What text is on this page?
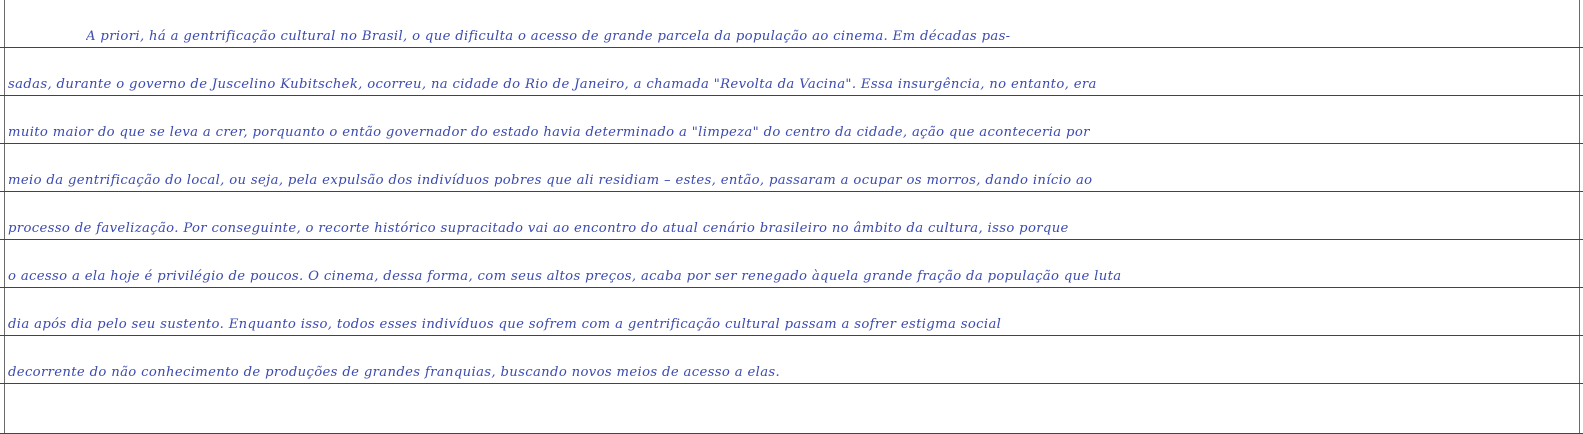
A priori, há a gentrificação cultural no Brasil, o que dificulta o acesso de grande parcela da população ao cinema. Em décadas pas-
sadas, durante o governo de Juscelino Kubitschek, ocorreu, na cidade do Rio de Janeiro, a chamada "Revolta da Vacina". Essa insurgência, no entanto, era
muito maior do que se leva a crer, porquanto o então governador do estado havia determinado a "limpeza" do centro da cidade, ação que aconteceria por
meio da gentrificação do local, ou seja, pela expulsão dos indivíduos pobres que ali residiam – estes, então, passaram a ocupar os morros, dando início ao
processo de favelização. Por conseguinte, o recorte histórico supracitado vai ao encontro do atual cenário brasileiro no âmbito da cultura, isso porque
o acesso a ela hoje é privilégio de poucos. O cinema, dessa forma, com seus altos preços, acaba por ser renegado àquela grande fração da população que luta
dia após dia pelo seu sustento. Enquanto isso, todos esses indivíduos que sofrem com a gentrificação cultural passam a sofrer estigma social
decorrente do não conhecimento de produções de grandes franquias, buscando novos meios de acesso a elas.
